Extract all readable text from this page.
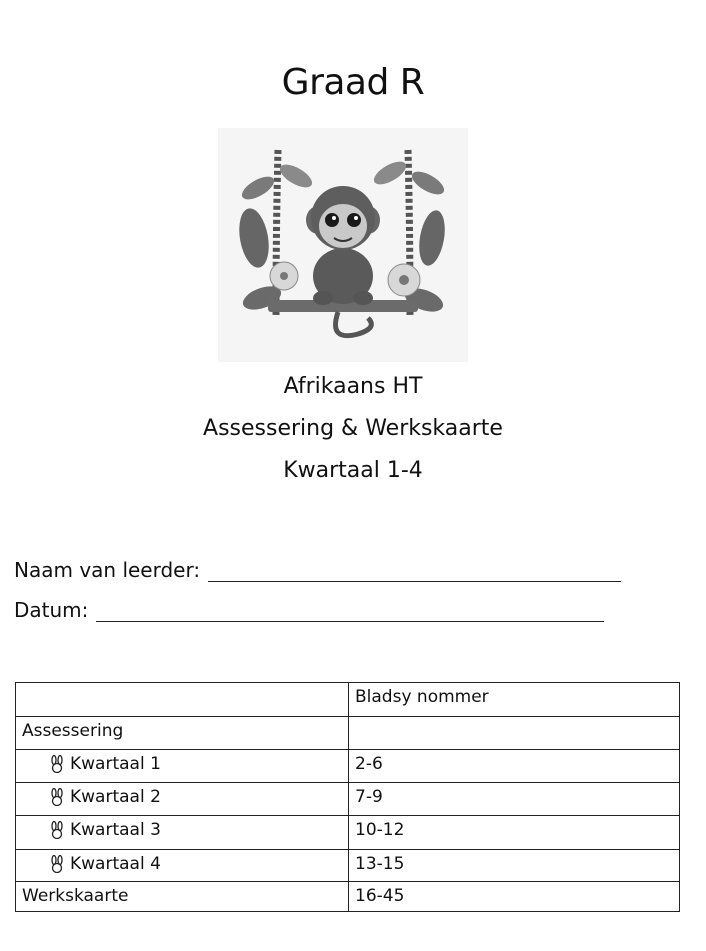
Graad R
Afrikaans HT
Assessering & Werkskaarte
Kwartaal 1-4
Naam van leerder:
Datum:
	Bladsy nommer
Assessering	

Kwartaal 1	2-6

Kwartaal 2	7-9

Kwartaal 3	10-12

Kwartaal 4	13-15
Werkskaarte	16-45
